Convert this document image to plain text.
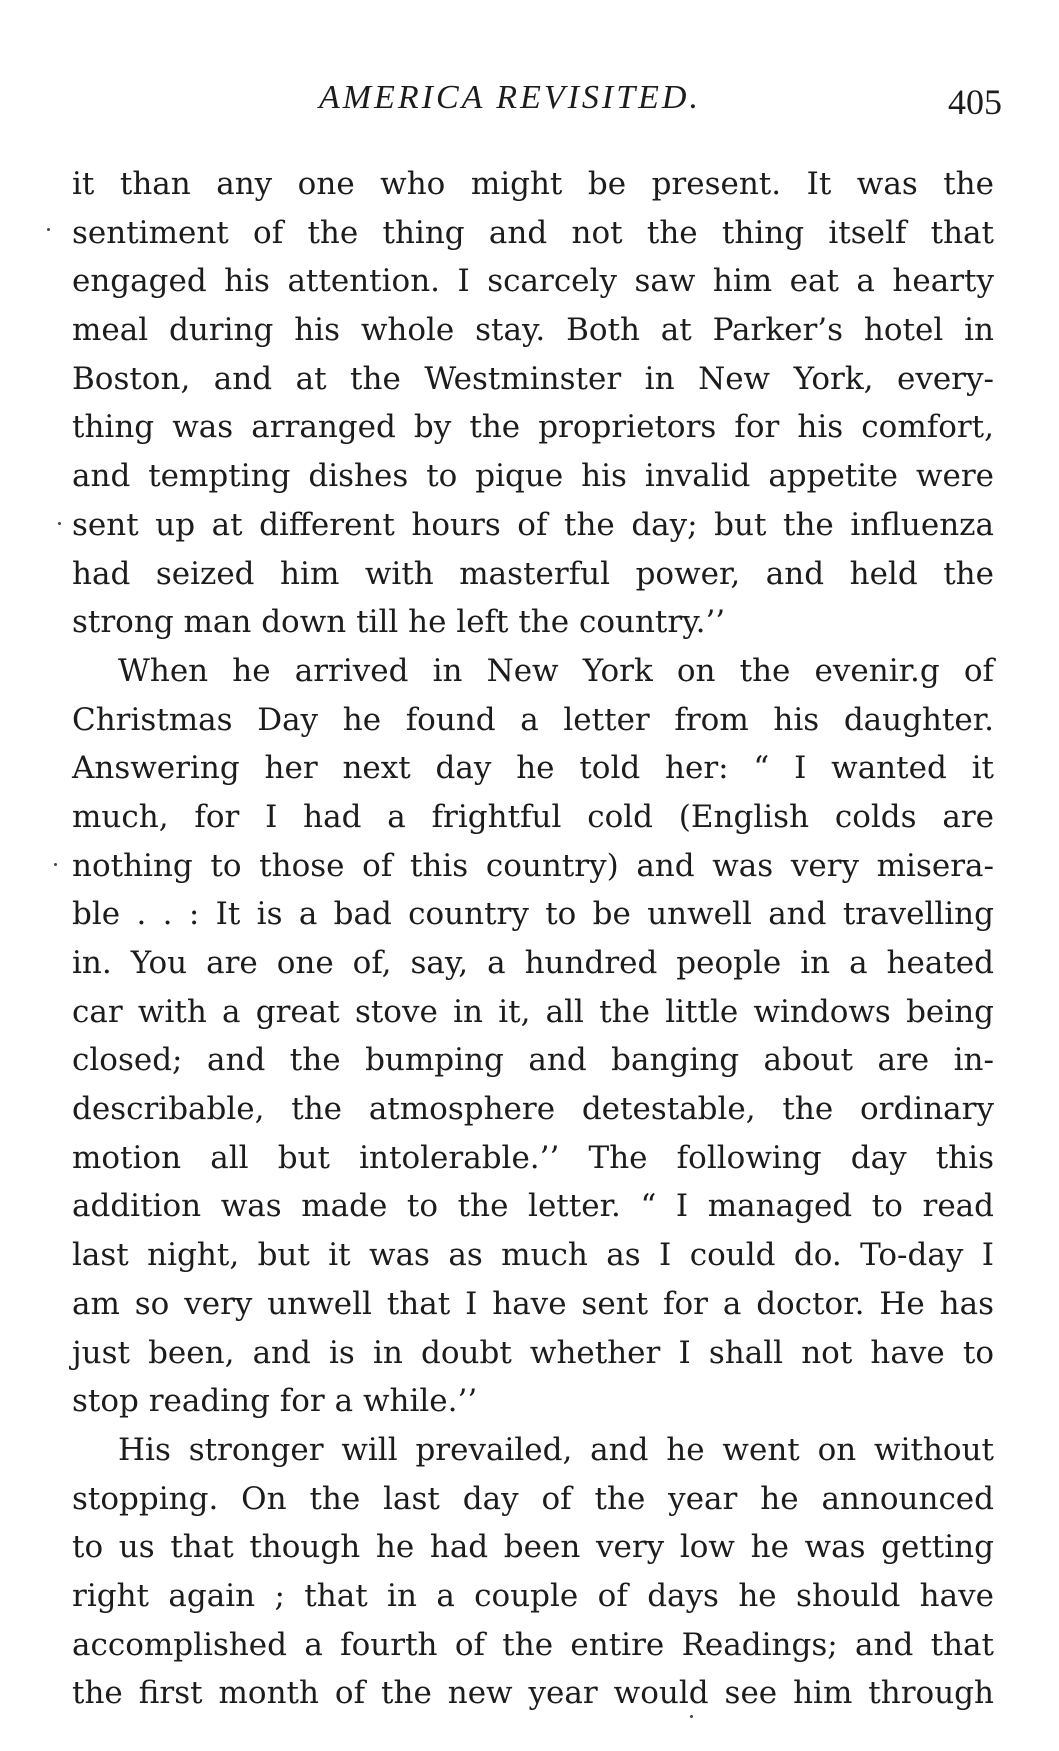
AMERICA REVISITED.	405
it than any one who might be present. It was the
sentiment of the thing and not the thing itself that
engaged his attention. I scarcely saw him eat a hearty
meal during his whole stay. Both at Parker’s hotel in
Boston, and at the Westminster in New York, every-
thing was arranged by the proprietors for his comfort,
and tempting dishes to pique his invalid appetite were
sent up at different hours of the day; but the influenza
had seized him with masterful power, and held the
strong man down till he left the country.’’
When he arrived in New York on the evenir.g of
Christmas Day he found a letter from his daughter.
Answering her next day he told her: “ I wanted it
much, for I had a frightful cold (English colds are
nothing to those of this country) and was very misera-
ble . . : It is a bad country to be unwell and travelling
in. You are one of, say, a hundred people in a heated
car with a great stove in it, all the little windows being
closed; and the bumping and banging about are in-
describable, the atmosphere detestable, the ordinary
motion all but intolerable.’’ The following day this
addition was made to the letter. “ I managed to read
last night, but it was as much as I could do. To-day I
am so very unwell that I have sent for a doctor. He has
just been, and is in doubt whether I shall not have to
stop reading for a while.’’
His stronger will prevailed, and he went on without
stopping. On the last day of the year he announced
to us that though he had been very low he was getting
right again ; that in a couple of days he should have
accomplished a fourth of the entire Readings; and that
the first month of the new year would see him through
